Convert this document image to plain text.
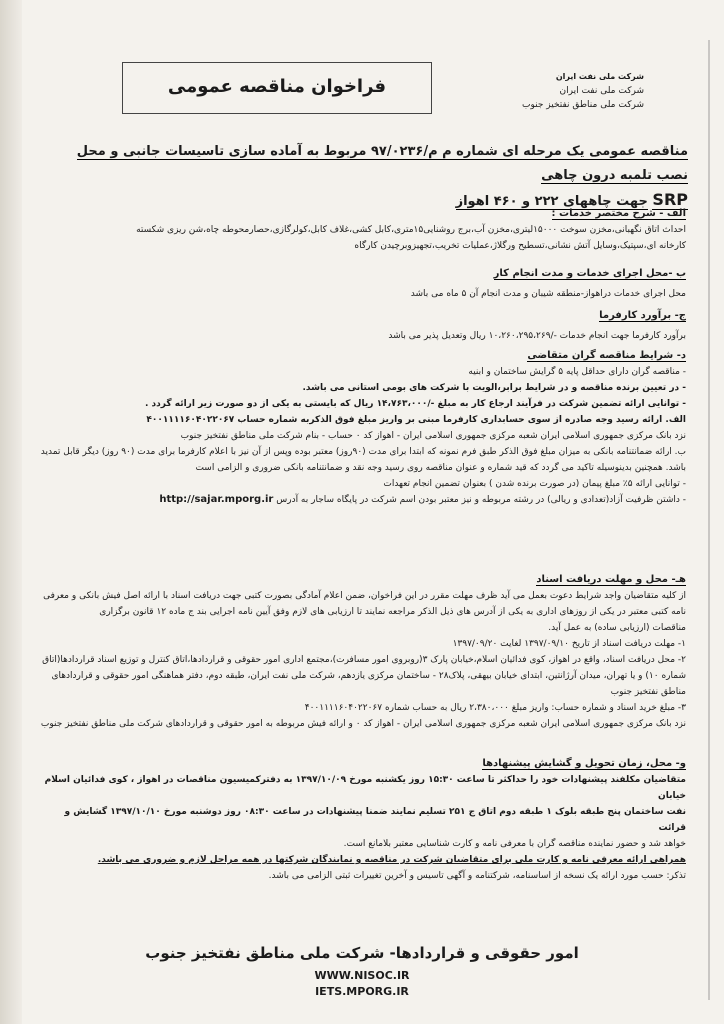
شرکت ملی نفت ایران
شرکت ملی نفت ایران
شرکت ملی مناطق نفتخیز جنوب
فراخوان مناقصه عمومی
مناقصه عمومی یک مرحله ای شماره م م/۹۷/۰۲۳۶ مربوط به آماده سازی تاسیسات جانبی و محل نصب تلمبه درون چاهی
SRP جهت چاههای ۲۲۲ و ۴۶۰ اهواز
الف - شرح مختصر خدمات :
احداث اتاق نگهبانی،مخزن سوخت ۱۵۰۰۰لیتری،مخزن آب،برج روشنایی۱۵متری،کابل کشی،غلاف کابل،کولرگازی،حصارمحوطه چاه،شن ریزی شکسته
کارخانه ای،سپتیک،وسایل آتش نشانی،تسطیح ورگلاژ،عملیات تخریب،تجهیزوبرچیدن کارگاه
ب -محل اجرای خدمات و مدت انجام کار
محل اجرای خدمات دراهواز-منطقه شیبان و مدت انجام آن ۵ ماه می باشد
ج- برآورد کارفرما
برآورد کارفرما جهت انجام خدمات -/۱۰،۲۶۰،۲۹۵،۲۶۹ ریال وتعدیل پذیر می باشد
د- شرایط مناقصه گران متقاضی
- مناقصه گران دارای حداقل پایه ۵ گرایش ساختمان و ابنیه
- در تعیین برنده مناقصه و در شرایط برابر،الویت با شرکت های بومی استانی می باشد.
- توانایی ارائه تضمین شرکت در فرآیند ارجاع کار به مبلغ -/۱۴،۷۶۳،۰۰۰ ریال که بایستی به یکی از دو صورت زیر ارائه گردد .
الف. ارائه رسید وجه صادره از سوی حسابداری کارفرما مبنی بر واریز مبلغ فوق الذکربه شماره حساب ۴۰۰۱۱۱۱۶۰۴۰۲۲۰۶۷
نزد بانک مرکزی جمهوری اسلامی ایران شعبه مرکزی جمهوری اسلامی ایران - اهواز کد ۰ حساب - بنام شرکت ملی مناطق نفتخیز جنوب
ب. ارائه ضمانتنامه بانکی به میزان مبلغ فوق الذکر طبق فرم نمونه که ابتدا برای مدت (۹۰روز) معتبر بوده وپس از آن نیز با اعلام کارفرما برای مدت (۹۰ روز) دیگر قابل تمدید
باشد. همچنین بدینوسیله تاکید می گردد که قید شماره و عنوان مناقصه روی رسید وجه نقد و ضمانتنامه بانکی ضروری و الزامی است
- توانایی ارائه ۵٪ مبلغ پیمان (در صورت برنده شدن ) بعنوان تضمین انجام تعهدات
- داشتن ظرفیت آزاد(تعدادی و ریالی) در رشته مربوطه و نیز معتبر بودن اسم شرکت در پایگاه ساجار به آدرس http://sajar.mporg.ir
هـ- محل و مهلت دریافت اسناد
از کلیه متقاضیان واجد شرایط دعوت بعمل می آید ظرف مهلت مقرر در این فراخوان، ضمن اعلام آمادگی بصورت کتبی جهت دریافت اسناد با ارائه اصل فیش بانکی و معرفی
نامه کتبی معتبر در یکی از روزهای اداری به یکی از آدرس های ذیل الذکر مراجعه نمایند تا ارزیابی های لازم وفق آیین نامه اجرایی بند ج ماده ۱۲ قانون برگزاری
مناقصات (ارزیابی ساده) به عمل آید.
۱- مهلت دریافت اسناد از تاریخ ۱۳۹۷/۰۹/۱۰ لغایت ۱۳۹۷/۰۹/۲۰
۲- محل دریافت اسناد، واقع در اهواز، کوی فدائیان اسلام،خیابان پارک ۳(روبروی امور مسافرت)،مجتمع اداری امور حقوقی و قراردادها،اتاق کنترل و توزیع اسناد قراردادها(اتاق
شماره ۱۰) و یا تهران، میدان آرژانتین، ابتدای خیابان بیهقی، پلاک۲۸ - ساختمان مرکزی یازدهم، شرکت ملی نفت ایران، طبقه دوم، دفتر هماهنگی امور حقوقی و قراردادهای
مناطق نفتخیز جنوب
۳- مبلغ خرید اسناد و شماره حساب: واریز مبلغ ۲،۳۸۰،۰۰۰ ریال به حساب شماره ۴۰۰۱۱۱۱۶۰۴۰۲۲۰۶۷
نزد بانک مرکزی جمهوری اسلامی ایران شعبه مرکزی جمهوری اسلامی ایران - اهواز کد ۰ و ارائه فیش مربوطه به امور حقوقی و قراردادهای شرکت ملی مناطق نفتخیز جنوب
و- محل، زمان تحویل و گشایش پیشنهادها
متقاضیان مکلفند پیشنهادات خود را حداکثر تا ساعت ۱۵:۳۰ روز یکشنبه مورخ ۱۳۹۷/۱۰/۰۹ به دفترکمیسیون مناقصات در اهواز ، کوی فدائیان اسلام خیابان
نفت ساختمان پنج طبقه بلوک ۱ طبقه دوم اتاق ج ۲۵۱ تسلیم نمایند ضمنا پیشنهادات در ساعت ۰۸:۳۰ روز دوشنبه مورخ ۱۳۹۷/۱۰/۱۰ گشایش و قرائت
خواهد شد و حضور نماینده مناقصه گران با معرفی نامه و کارت شناسایی معتبر بلامانع است.
همراهی ارائه معرفی نامه و کارت ملی برای متقاضیان شرکت در مناقصه و نمایندگان شرکتها در همه مراحل لازم و ضروری می باشد.
تذکر: حسب مورد ارائه یک نسخه از اساسنامه، شرکتنامه و آگهی تاسیس و آخرین تغییرات ثبتی الزامی می باشد.
امور حقوقی و قراردادها- شرکت ملی مناطق نفتخیز جنوب
WWW.NISOC.IR
IETS.MPORG.IR
